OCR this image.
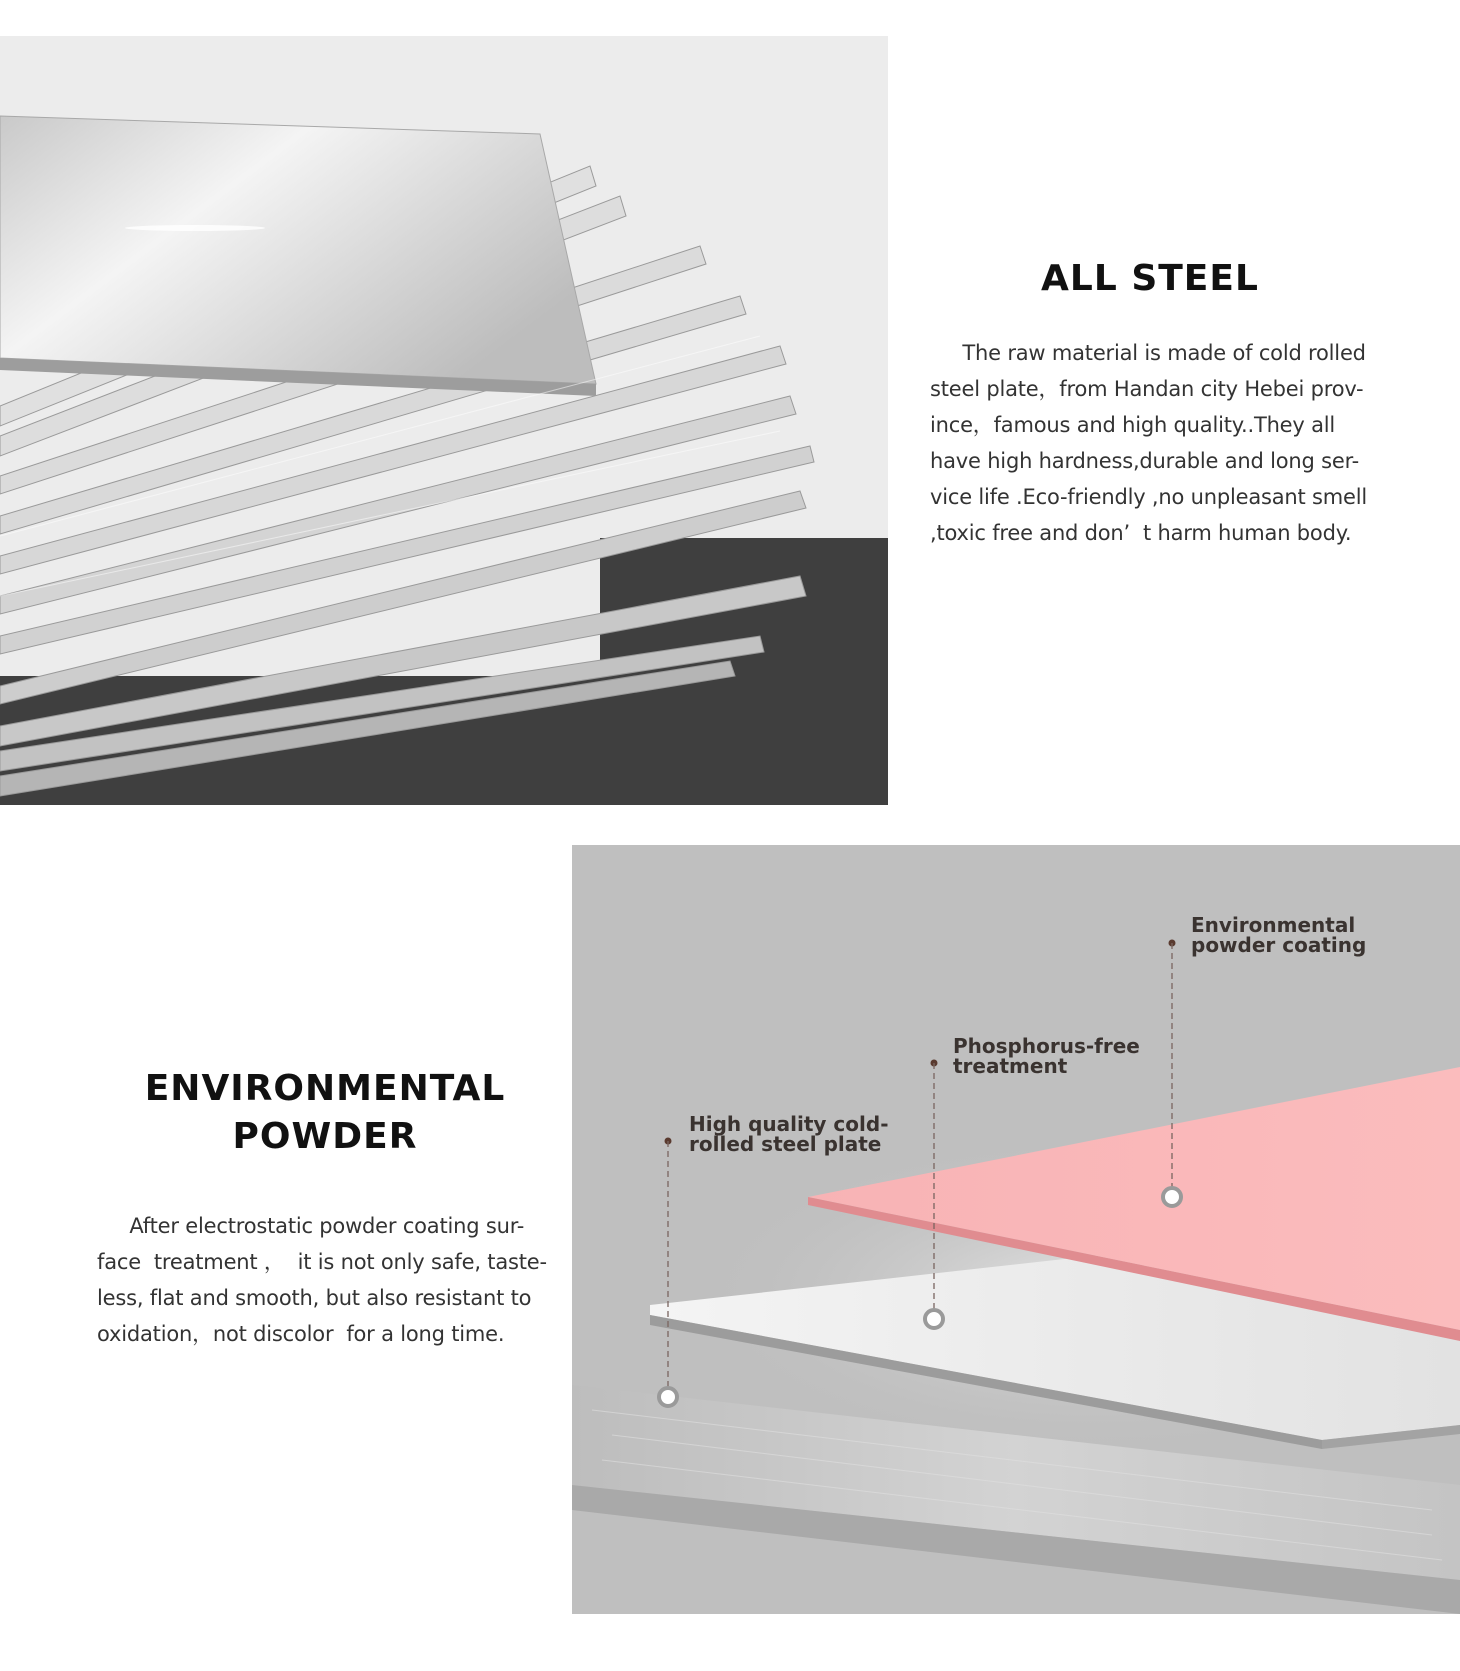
ALL STEEL
The raw material is made of cold rolled
steel plate，from Handan city Hebei prov-
ince，famous and high quality..They all
have high hardness,durable and long ser-
vice life .Eco-friendly ,no unpleasant smell
,toxic free and don’  t harm human body.
ENVIRONMENTAL
POWDER
After electrostatic powder coating sur-
face  treatment ，  it is not only safe, taste-
less, flat and smooth, but also resistant to
oxidation，not discolor  for a long time.
Environmental
powder coating
Phosphorus-free
treatment
High quality cold-
rolled steel plate
